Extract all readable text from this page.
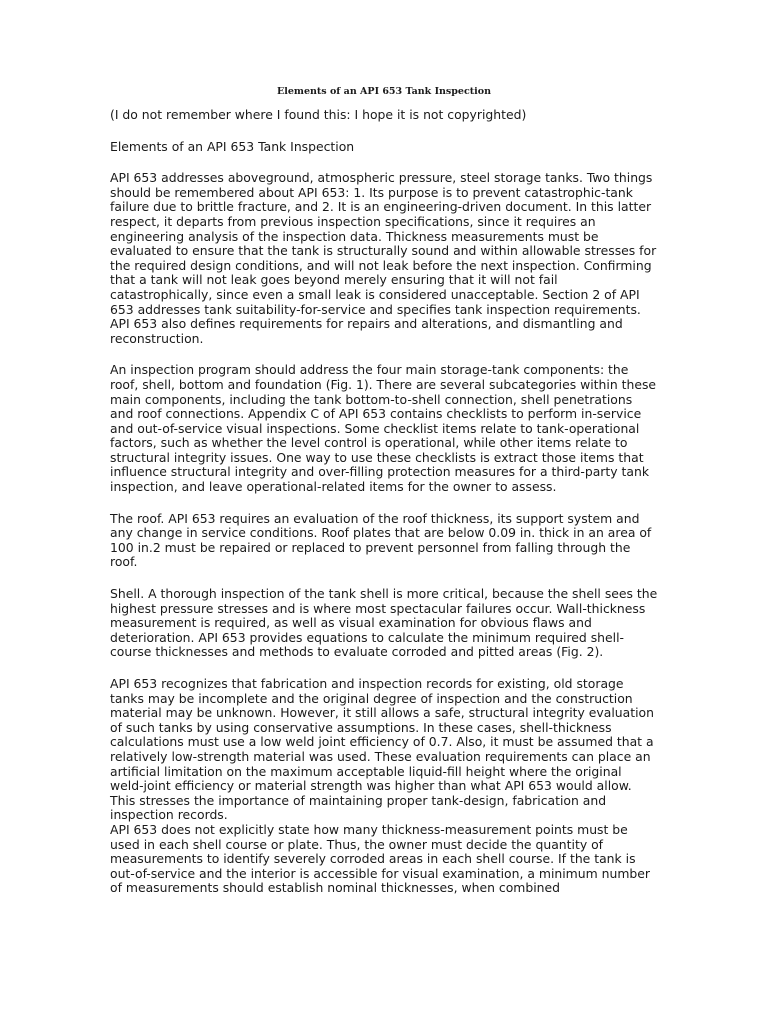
Elements of an API 653 Tank Inspection

(I do not remember where I found this: I hope it is not copyrighted)

Elements of an API 653 Tank Inspection

API 653 addresses aboveground, atmospheric pressure, steel storage tanks. Two things should be remembered about API 653: 1. Its purpose is to prevent catastrophic-tank failure due to brittle fracture, and 2. It is an engineering-driven document. In this latter respect, it departs from previous inspection specifications, since it requires an engineering analysis of the inspection data. Thickness measurements must be evaluated to ensure that the tank is structurally sound and within allowable stresses for the required design conditions, and will not leak before the next inspection. Confirming that a tank will not leak goes beyond merely ensuring that it will not fail catastrophically, since even a small leak is considered unacceptable. Section 2 of API 653 addresses tank suitability-for-service and specifies tank inspection requirements. API 653 also defines requirements for repairs and alterations, and dismantling and reconstruction.

An inspection program should address the four main storage-tank components: the roof, shell, bottom and foundation (Fig. 1). There are several subcategories within these main components, including the tank bottom-to-shell connection, shell penetrations and roof connections. Appendix C of API 653 contains checklists to perform in-service and out-of-service visual inspections. Some checklist items relate to tank-operational factors, such as whether the level control is operational, while other items relate to structural integrity issues. One way to use these checklists is extract those items that influence structural integrity and over-filling protection measures for a third-party tank inspection, and leave operational-related items for the owner to assess.

The roof. API 653 requires an evaluation of the roof thickness, its support system and any change in service conditions. Roof plates that are below 0.09 in. thick in an area of 100 in.2 must be repaired or replaced to prevent personnel from falling through the roof.

Shell. A thorough inspection of the tank shell is more critical, because the shell sees the highest pressure stresses and is where most spectacular failures occur. Wall-thickness measurement is required, as well as visual examination for obvious flaws and deterioration. API 653 provides equations to calculate the minimum required shell-course thicknesses and methods to evaluate corroded and pitted areas (Fig. 2).

API 653 recognizes that fabrication and inspection records for existing, old storage tanks may be incomplete and the original degree of inspection and the construction material may be unknown. However, it still allows a safe, structural integrity evaluation of such tanks by using conservative assumptions. In these cases, shell-thickness calculations must use a low weld joint efficiency of 0.7. Also, it must be assumed that a relatively low-strength material was used. These evaluation requirements can place an artificial limitation on the maximum acceptable liquid-fill height where the original weld-joint efficiency or material strength was higher than what API 653 would allow. This stresses the importance of maintaining proper tank-design, fabrication and inspection records.

API 653 does not explicitly state how many thickness-measurement points must be used in each shell course or plate. Thus, the owner must decide the quantity of measurements to identify severely corroded areas in each shell course. If the tank is out-of-service and the interior is accessible for visual examination, a minimum number of measurements should establish nominal thicknesses, when combined
